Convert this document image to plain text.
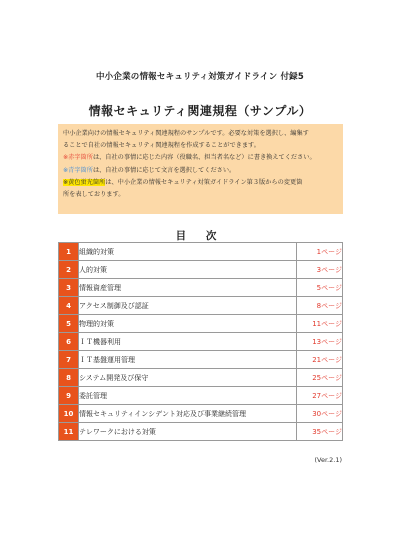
中小企業の情報セキュリティ対策ガイドライン 付録5
情報セキュリティ関連規程（サンプル）

中小企業向けの情報セキュリティ関連規程のサンプルです。必要な対策を選択し、編集す
ることで自社の情報セキュリティ関連規程を作成することができます。

※赤字箇所は、自社の事情に応じた内容（役職名、担当者名など）に書き換えてください。

※青字箇所は、自社の事情に応じて文言を選択してください。

※黄色蛍光箇所は、中小企業の情報セキュリティ対策ガイドライン第３版からの変更箇
所を表しております。

目 次
1	組織的対策	1ページ
2	人的対策	3ページ
3	情報資産管理	5ページ
4	アクセス制御及び認証	8ページ
5	物理的対策	11ページ
6	ＩＴ機器利用	13ページ
7	ＩＴ基盤運用管理	21ページ
8	システム開発及び保守	25ページ
9	委託管理	27ページ
10	情報セキュリティインシデント対応及び事業継続管理	30ページ
11	テレワークにおける対策	35ページ
(Ver.2.1)
